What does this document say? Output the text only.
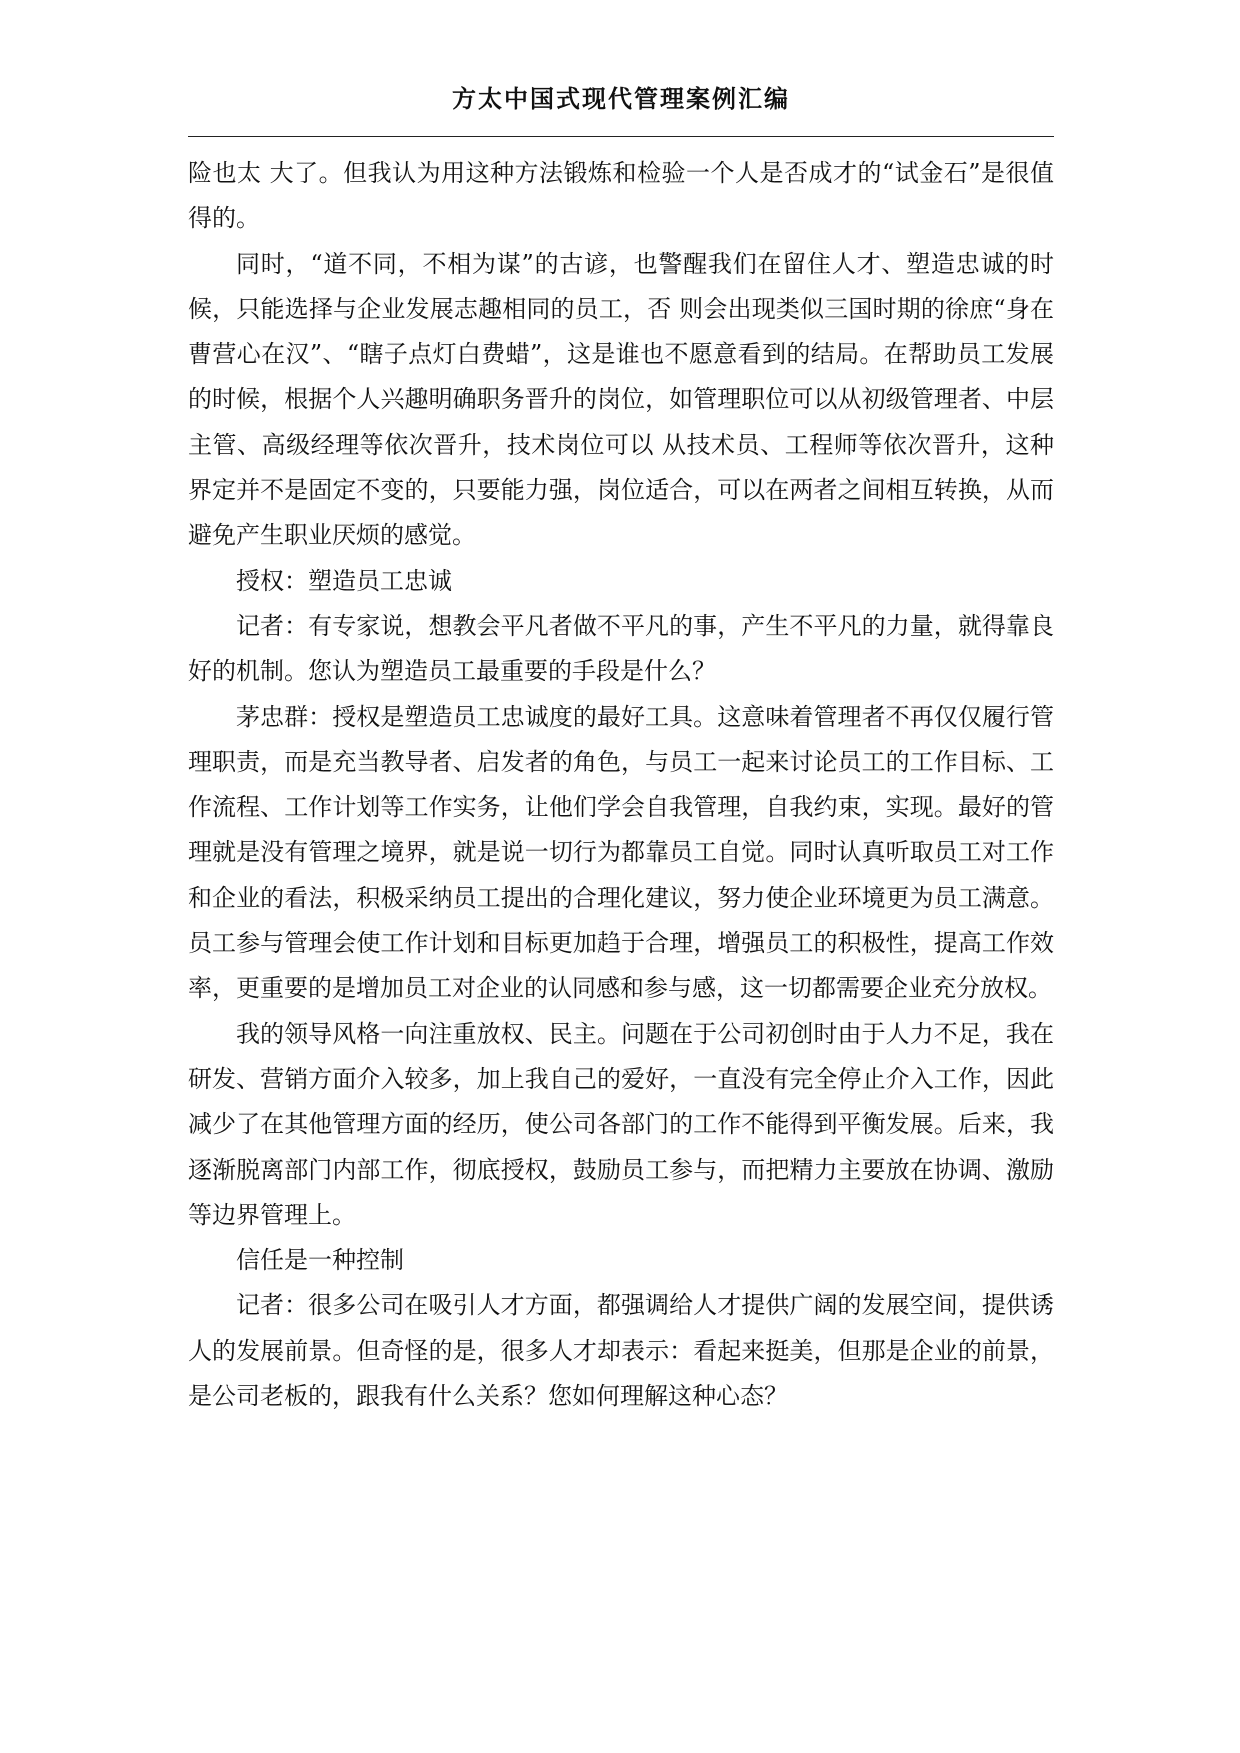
方太中国式现代管理案例汇编

险也太 大了。但我认为用这种方法锻炼和检验一个人是否成才的“试金石”是很值得的。

同时，“道不同，不相为谋”的古谚，也警醒我们在留住人才、塑造忠诚的时候，只能选择与企业发展志趣相同的员工，否 则会出现类似三国时期的徐庶“身在曹营心在汉”、“瞎子点灯白费蜡”，这是谁也不愿意看到的结局。在帮助员工发展的时候，根据个人兴趣明确职务晋升的岗位，如管理职位可以从初级管理者、中层主管、高级经理等依次晋升，技术岗位可以 从技术员、工程师等依次晋升，这种界定并不是固定不变的，只要能力强，岗位适合，可以在两者之间相互转换，从而避免产生职业厌烦的感觉。

授权：塑造员工忠诚

记者：有专家说，想教会平凡者做不平凡的事，产生不平凡的力量，就得靠良好的机制。您认为塑造员工最重要的手段是什么？

茅忠群：授权是塑造员工忠诚度的最好工具。这意味着管理者不再仅仅履行管理职责，而是充当教导者、启发者的角色，与员工一起来讨论员工的工作目标、工作流程、工作计划等工作实务，让他们学会自我管理，自我约束，实现。最好的管理就是没有管理之境界，就是说一切行为都靠员工自觉。同时认真听取员工对工作和企业的看法，积极采纳员工提出的合理化建议，努力使企业环境更为员工满意。员工参与管理会使工作计划和目标更加趋于合理，增强员工的积极性，提高工作效率，更重要的是增加员工对企业的认同感和参与感，这一切都需要企业充分放权。

我的领导风格一向注重放权、民主。问题在于公司初创时由于人力不足，我在研发、营销方面介入较多，加上我自己的爱好，一直没有完全停止介入工作，因此减少了在其他管理方面的经历，使公司各部门的工作不能得到平衡发展。后来，我逐渐脱离部门内部工作，彻底授权，鼓励员工参与，而把精力主要放在协调、激励等边界管理上。

信任是一种控制

记者：很多公司在吸引人才方面，都强调给人才提供广阔的发展空间，提供诱人的发展前景。但奇怪的是，很多人才却表示：看起来挺美，但那是企业的前景，是公司老板的，跟我有什么关系？您如何理解这种心态？
